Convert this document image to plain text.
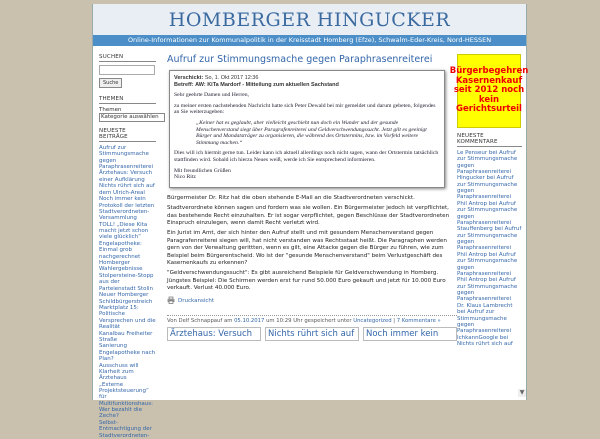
HOMBERGER HINGUCKER
Online-Informationen zur Kommunalpolitik in der Kreisstadt Homberg (Efze), Schwalm-Eder-Kreis, Nord-HESSEN
SUCHEN
Suche
THEMEN
Themen
Kategorie auswählen
NEUESTE BEITRÄGE
Aufruf zur Stimmungsmache gegen Paraphrasenreiterei
Ärztehaus: Versuch einer Aufklärung
Nichts rührt sich auf dem Ulrich-Areal
Noch immer kein Protokoll der letzten Stadtverordneten-Versammlung
TOLL! „Diese Kita macht jetzt schon viele glücklich“
Engelapotheke: Einmal grob nachgerechnet
Homberger Wahlergebnisse
Stolpersteine-Stopp aus der Parteienstadt Stolin
Neuer Homberger Schildbürgerstreich
Marktplatz 15: Politische Versprechen und die Realität
Kanalbau Freiheiter Straße
Sanierung Engelapotheke nach Plan?
Ausschuss will Klarheit zum Ärztehaus
„Externe Projektsteuerung“ für Multifunktionshaus: Wer bezahlt die Zeche?
Selbst-Entmachtigung der Stadtverordneten-
Aufruf zur Stimmungsmache gegen Paraphrasenreiterei
Verschickt: So, 1. Okt 2017 12:36
Betreff: AW: KiTa Mardorf - Mitteilung zum aktuellen Sachstand

Sehr geehrte Damen und Herren,

zu meiner ersten nachstehenden Nachricht hatte sich Peter Dewald bei mir gemeldet und darum gebeten, folgendes an Sie weiterzugeben:

„Keiner hat es geglaubt, aber vielleicht geschieht nun doch ein Wunder und der gesunde Menschenverstand siegt über Paragrafenreiterei und Geldverschwendungssucht. Jetzt gilt es geeinigt Bürger und Mandatsträger zu organisieren, die während des Ortstermins, bzw. im Vorfeld weitere Stimmung machen.“

Dies will ich hiermit gerne tun. Leider kann ich aktuell allerdings noch nicht sagen, wann der Ortstermin tatsächlich stattfinden wird. Sobald ich hierzu Neues weiß, werde ich Sie entsprechend informieren.

Mit freundlichen Grüßen
Nico Ritz

Bürgermeister Dr. Ritz hat die oben stehende E-Mail an die Stadtverordneten verschickt.

Stadtverordnete können sagen und fordern was sie wollen. Ein Bürgermeister jedoch ist verpflichtet, das bestehende Recht einzuhalten. Er ist sogar verpflichtet, gegen Beschlüsse der Stadtverordneten Einspruch einzulegen, wenn damit Recht verletzt wird.

Ein Jurist im Amt, der sich hinter den Aufruf stellt und mit gesundem Menschenverstand gegen Paragrafenreiterei siegen will, hat nicht verstanden was Rechtsstaat heißt. Die Paragraphen werden gern von der Verwaltung gerittten, wenn es gilt, eine Attacke gegen die Bürger zu führen, wie zum Beispiel beim Bürgerentscheid. Wo ist der "gesunde Menschenverstand" beim Verlustgeschäft des Kasernenkaufs zu erkennen?

"Geldverschwendungssucht": Es gibt ausreichend Beispiele für Geldverschwendung in Homberg. Jüngstes Beispiel: Die Schirmen werden erst fur rund 50.000 Euro gekauft und jetzt für 10.000 Euro verkauft. Verlust 40.000 Euro.

Druckansicht
Von Delf Schnappauf am 05.10.2017 um 10:29 Uhr gespeichert unter Uncategorized | 7 Kommentare »
Ärztehaus: Versuch	Nichts rührt sich auf	Noch immer kein
Bürgerbegehren Kasernenkauf seit 2012 noch kein Gerichtsurteil
NEUESTE KOMMENTARE
Le Penseur bei Aufruf zur Stimmungsmache gegen Paraphrasenreiterei
Hingucker bei Aufruf zur Stimmungsmache gegen Paraphrasenreiterei
Phil Antrop bei Aufruf zur Stimmungsmache gegen Paraphrasenreiterei
Stauffenberg bei Aufruf zur Stimmungsmache gegen Paraphrasenreiterei
Phil Antrop bei Aufruf zur Stimmungsmache gegen Paraphrasenreiterei
Phil Antrop bei Aufruf zur Stimmungsmache gegen Paraphrasenreiterei
Dr. Klaus Lambrecht bei Aufruf zur Stimmungsmache gegen Paraphrasenreiterei
IchkannGoogle bei Nichts rührt sich auf
▼
